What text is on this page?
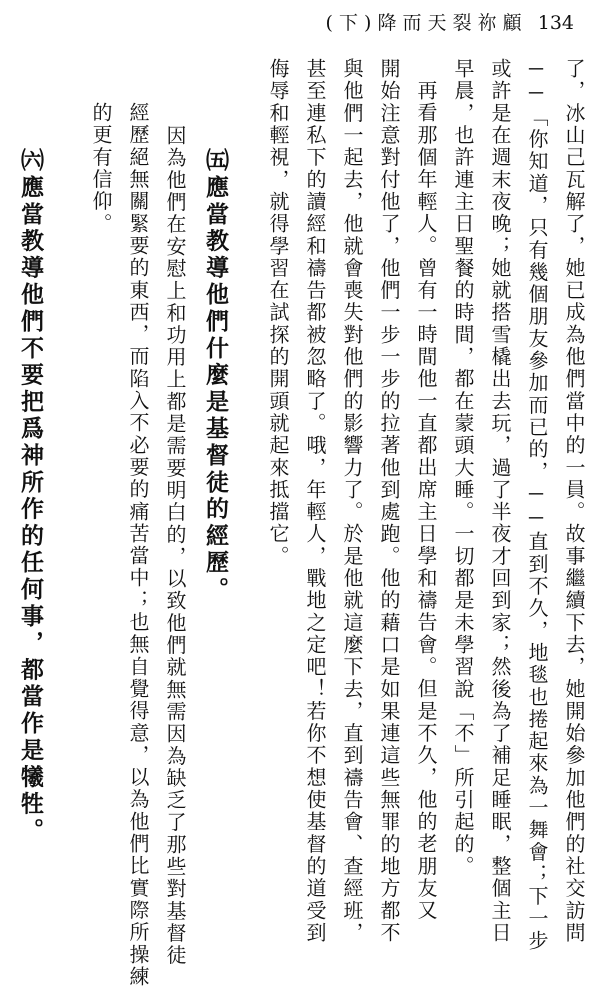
( 下 ) 降 而 天 裂 祢 顧 134
了，冰山己瓦解了，她已成為他們當中的一員。故事繼續下去，她開始參加他們的社交訪問
──「你知道，只有幾個朋友參加而已的，──直到不久，地毯也捲起來為一舞會；下一步
或許是在週末夜晚；她就搭雪橇出去玩，過了半夜才回到家；然後為了補足睡眠，整個主日
早晨，也許連主日聖餐的時間，都在蒙頭大睡。一切都是未學習說「不」所引起的。
再看那個年輕人。曾有一時間他一直都出席主日學和禱告會。但是不久，他的老朋友又
開始注意對付他了，他們一步一步的拉著他到處跑。他的藉口是如果連這些無罪的地方都不
與他們一起去，他就會喪失對他們的影響力了。於是他就這麼下去，直到禱告會、查經班，
甚至連私下的讀經和禱告都被忽略了。哦，年輕人，戰地之定吧！若你不想使基督的道受到
侮辱和輕視，就得學習在試探的開頭就起來抵擋它。
㈤應當教導他們什麼是基督徒的經歷。
因為他們在安慰上和功用上都是需要明白的，以致他們就無需因為缺乏了那些對基督徒
經歷絕無關緊要的東西，而陷入不必要的痛苦當中；也無自覺得意，以為他們比實際所操練
的更有信仰。
㈥應當教導他們不要把爲神所作的任何事，都當作是犧牲。
